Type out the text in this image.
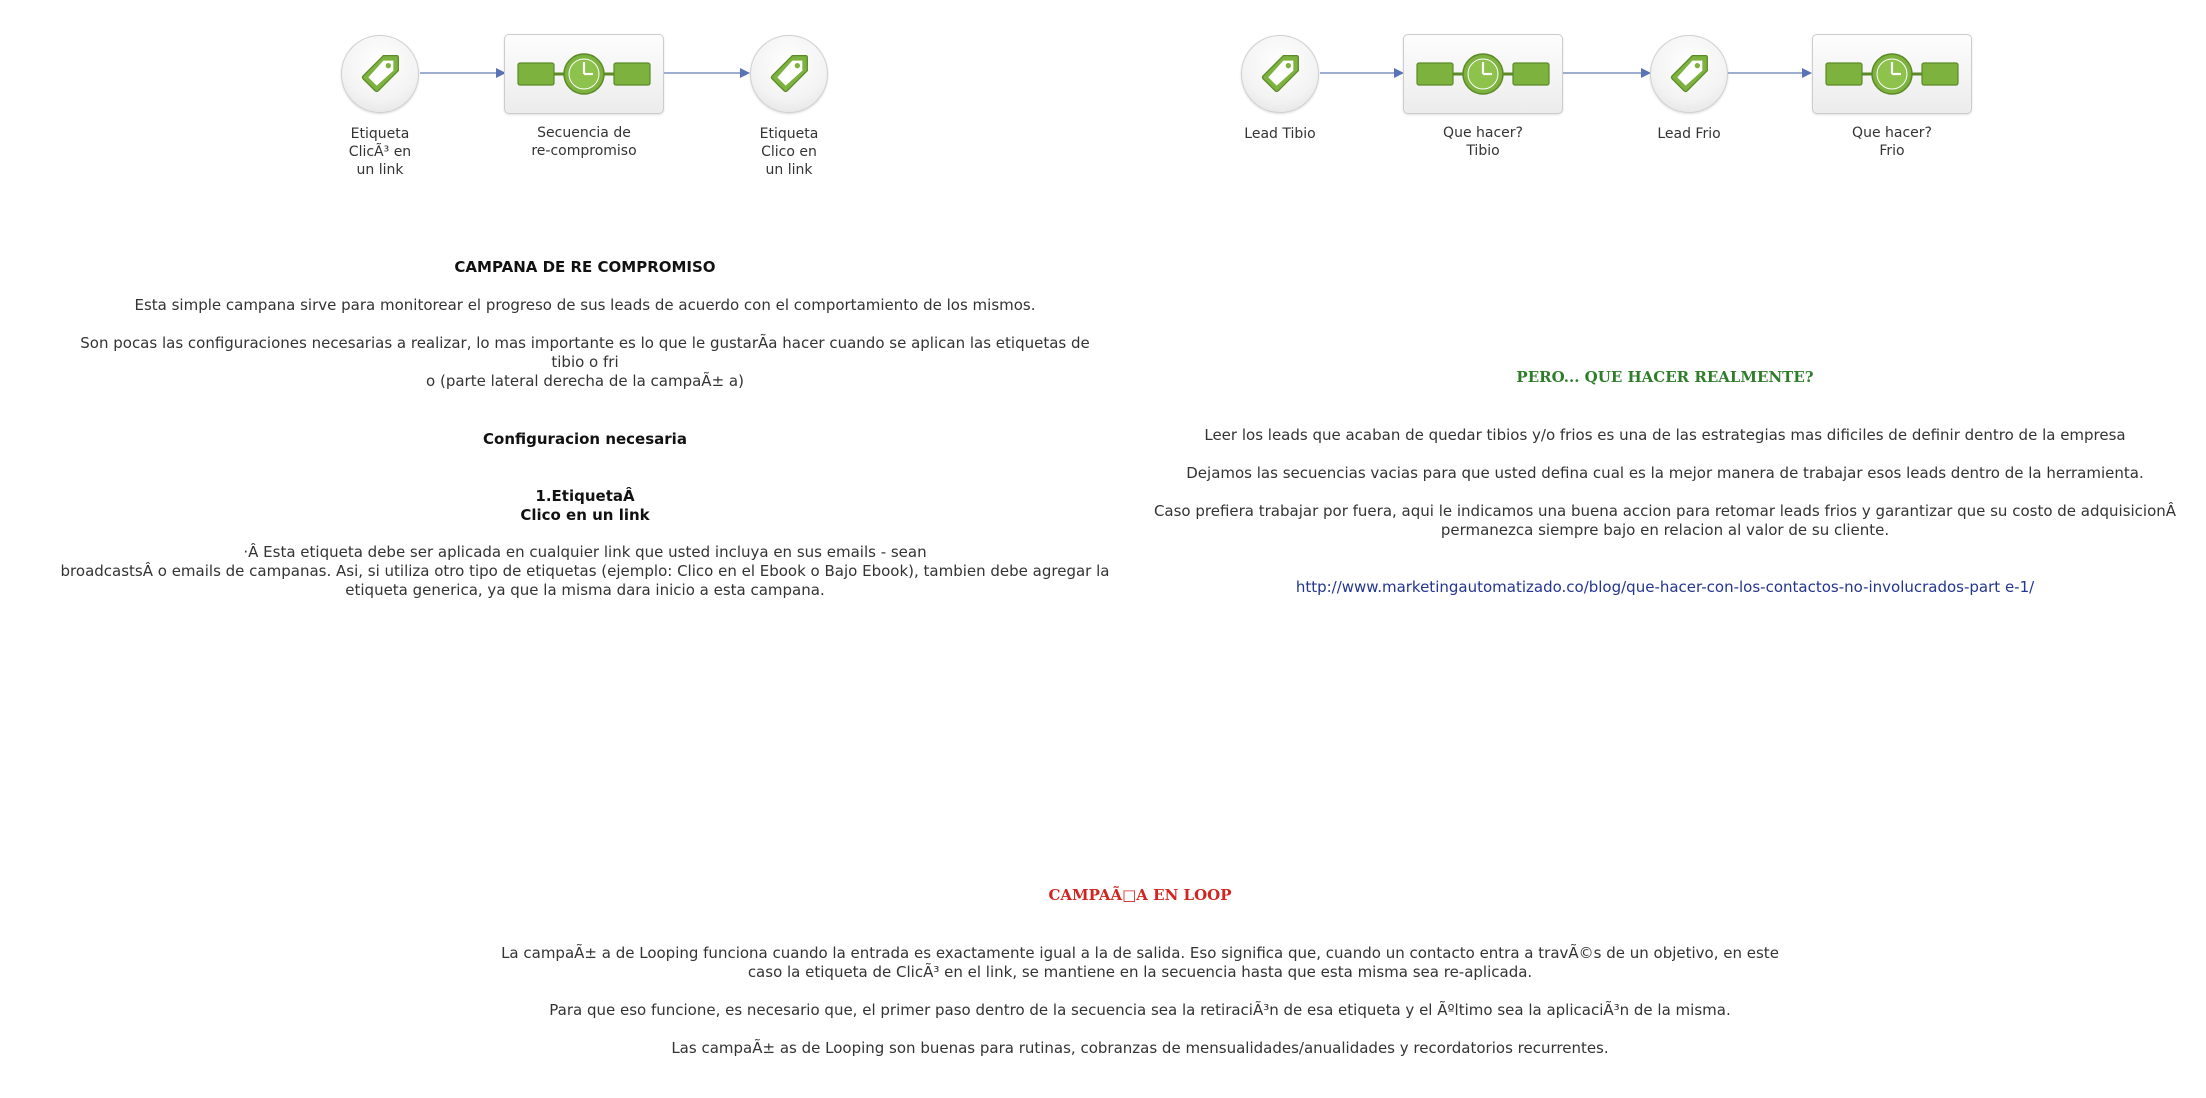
Etiqueta
ClicÃ³ en
un link
Secuencia de
re-compromiso
Etiqueta
Clico en
un link
Lead Tibio	Que hacer?
Tibio
Lead Frio	Que hacer?
Frio

CAMPANA DE RE COMPROMISO

Esta simple campana sirve para monitorear el progreso de sus leads de acuerdo con el comportamiento de los mismos.

Son pocas las configuraciones necesarias a realizar, lo mas importante es lo que le gustarÃa hacer cuando se aplican las etiquetas de
tibio o fri
o (parte lateral derecha de la campaÃ± a)

Configuracion necesaria

1.EtiquetaÂ
Clico en un link

·Â Esta etiqueta debe ser aplicada en cualquier link que usted incluya en sus emails - sean
broadcastsÂ o emails de campanas. Asi, si utiliza otro tipo de etiquetas (ejemplo: Clico en el Ebook o Bajo Ebook), tambien debe agregar la
etiqueta generica, ya que la misma dara inicio a esta campana.

PERO... QUE HACER REALMENTE?

Leer los leads que acaban de quedar tibios y/o frios es una de las estrategias mas dificiles de definir dentro de la empresa

Dejamos las secuencias vacias para que usted defina cual es la mejor manera de trabajar esos leads dentro de la herramienta.

Caso prefiera trabajar por fuera, aqui le indicamos una buena accion para retomar leads frios y garantizar que su costo de adquisicionÂ
permanezca siempre bajo en relacion al valor de su cliente.

http://www.marketingautomatizado.co/blog/que-hacer-con-los-contactos-no-involucrados-part e-1/

CAMPAÃ□A EN LOOP

La campaÃ± a de Looping funciona cuando la entrada es exactamente igual a la de salida. Eso significa que, cuando un contacto entra a travÃ©s de un objetivo, en este
caso la etiqueta de ClicÃ³ en el link, se mantiene en la secuencia hasta que esta misma sea re-aplicada.

Para que eso funcione, es necesario que, el primer paso dentro de la secuencia sea la retiraciÃ³n de esa etiqueta y el Ãºltimo sea la aplicaciÃ³n de la misma.

Las campaÃ± as de Looping son buenas para rutinas, cobranzas de mensualidades/anualidades y recordatorios recurrentes.
